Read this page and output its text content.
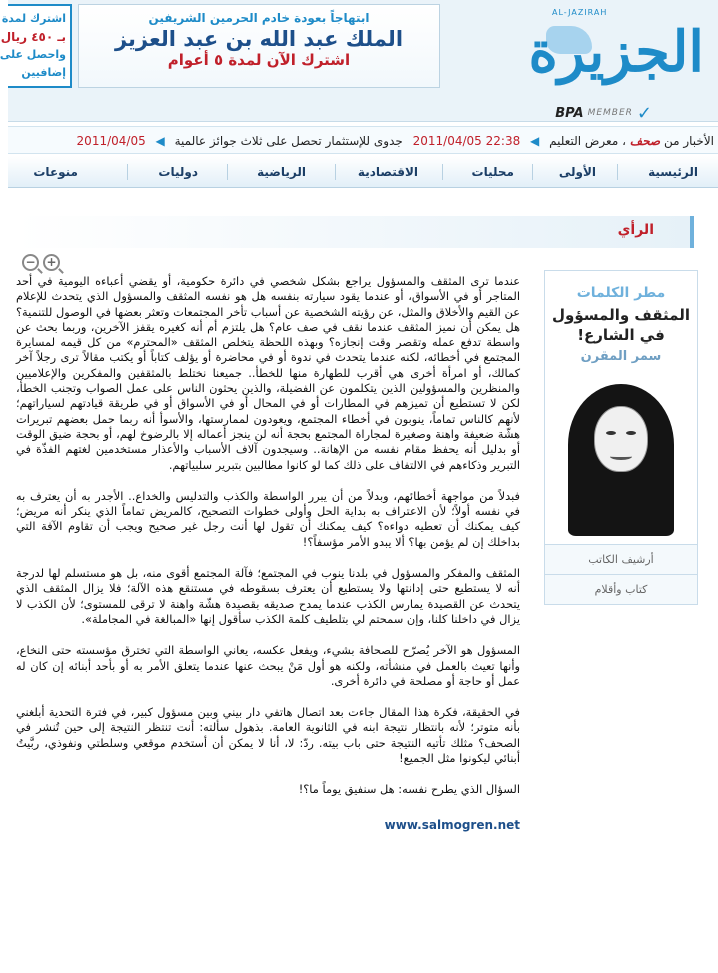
اشترك لمدة
بـ ٤٥٠ ريال
واحصل على
إضافيين
ابتهاجاً بعودة خادم الحرمين الشريفين
الملك عبد الله بن عبد العزيز
اشترك الآن لمدة ٥ أعوام
AL-JAZIRAH
الجزيرة
BPA MEMBER ✓
الأخبار من صحف ، معرض التعليم ◀ 22:38 2011/04/05 جدوى للإستثمار تحصل على ثلاث جوائز عالمية ◀ 2011/04/05
الرئيسية
الأولى
محليات
الاقتصادية
الرياضية
دوليات
منوعات
الرأي
− +

عندما ترى المثقف والمسؤول يراجع بشكل شخصي في دائرة حكومية، أو يقضي أعباءه اليومية في أحد المتاجر أو في الأسواق، أو عندما يقود سيارته بنفسه هل هو نفسه المثقف والمسؤول الذي يتحدث للإعلام عن القيم والأخلاق والمثل، عن رؤيته الشخصية عن أسباب تأخر المجتمعات وتعثر بعضها في الوصول للتنمية؟ هل يمكن أن نميز المثقف عندما نقف في صف عام؟ هل يلتزم أم أنه كغيره يقفز الآخرين، وربما بحث عن واسطة تدفع عمله وتقصر وقت إنجازه؟ وبهذه اللحظة يتخلص المثقف «المحترم» من كل قيمه لمسايرة المجتمع في أخطائه، لكنه عندما يتحدث في ندوة أو في محاضرة أو يؤلف كتاباً أو يكتب مقالاً ترى رجلاً آخر كمالك، أو امرأة أخرى هي أقرب للطهارة منها للخطأ.. جميعنا نختلط بالمثقفين والمفكرين والإعلاميين والمنظرين والمسؤولين الذين يتكلمون عن الفضيلة، والذين يحثون الناس على عمل الصواب وتجنب الخطأ، لكن لا تستطيع أن تميزهم في المطارات أو في المحال أو في الأسواق أو في طريقة قيادتهم لسياراتهم؛ لأنهم كالناس تماماً، ينوبون في أخطاء المجتمع، ويعودون لممارستها، والأسوأ أنه ربما حمل بعضهم تبريرات هشّة ضعيفة واهنة وصغيرة لمجاراة المجتمع بحجة أنه لن ينجز أعماله إلا بالرضوخ لهم، أو بحجة ضيق الوقت أو بدليل أنه يحفظ مقام نفسه من الإهانة.. وسيجدون آلاف الأسباب والأعذار مستخدمين لغتهم الفذّة في التبرير وذكاءهم في الالتفاف على ذلك كما لو كانوا مطالبين بتبرير سلبياتهم.

فبدلاً من مواجهة أخطائهم، وبدلاً من أن يبرر الواسطة والكذب والتدليس والخداع.. الأجدر به أن يعترف به في نفسه أولاً؛ لأن الاعتراف به بداية الحل وأولى خطوات التصحيح، كالمريض تماماً الذي ينكر أنه مريض؛ كيف يمكنك أن تعطيه دواءه؟ كيف يمكنك أن تقول لها أنت رجل غير صحيح ويجب أن تقاوم الآفة التي بداخلك إن لم يؤمن بها؟ ألا يبدو الأمر مؤسفاً؟!

المثقف والمفكر والمسؤول في بلدنا ينوب في المجتمع؛ فآلة المجتمع أقوى منه، بل هو مستسلم لها لدرجة أنه لا يستطيع حتى إدانتها ولا يستطيع أن يعترف بسقوطه في مستنقع هذه الآلة؛ فلا يزال المثقف الذي يتحدث عن القصيدة يمارس الكذب عندما يمدح صديقه بقصيدة هشّة واهنة لا ترقى للمستوى؛ لأن الكذب لا يزال في داخلنا كلنا، وإن سمحتم لي بتلطيف كلمة الكذب سأقول إنها «المبالغة في المجاملة».

المسؤول هو الآخر يُصرّح للصحافة بشيء، ويفعل عكسه، يعاني الواسطة التي تخترق مؤسسته حتى النخاع، وأنها تعيث بالعمل في منشأته، ولكنه هو أول مَنْ يبحث عنها عندما يتعلق الأمر به أو بأحد أبنائه إن كان له عمل أو حاجة أو مصلحة في دائرة أخرى.

في الحقيقة، فكرة هذا المقال جاءت بعد اتصال هاتفي دار بيني وبين مسؤول كبير، في فترة التحدية أبلغني بأنه متوتر؛ لأنه بانتظار نتيجة ابنه في الثانوية العامة. بذهول سألته: أنت تنتظر النتيجة إلى حين تُنشر في الصحف؟ مثلك تأتيه النتيجة حتى باب بيته. ردّ: لا، أنا لا يمكن أن أستخدم موقعي وسلطتي ونفوذي، ربَّيتُ أبنائي ليكونوا مثل الجميع!

السؤال الذي يطرح نفسه: هل سنفيق يوماً ما؟!

www.salmogren.net
مطر الكلمات
المثقف والمسؤول في الشارع!
سمر المقرن
أرشيف الكاتب
كتاب وأقلام
